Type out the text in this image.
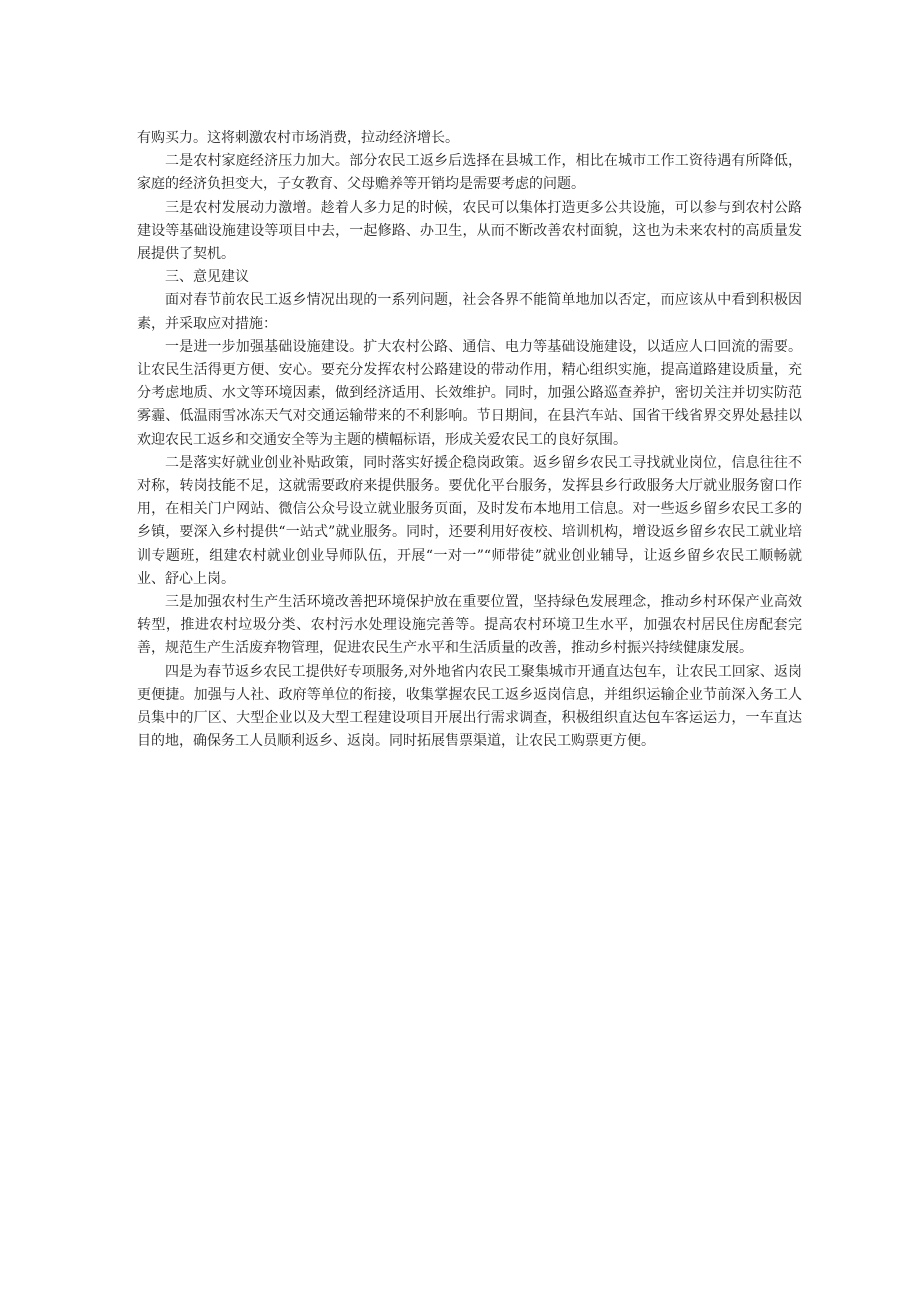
有购买力。这将刺激农村市场消费，拉动经济增长。

二是农村家庭经济压力加大。部分农民工返乡后选择在县城工作，相比在城市工作工资待遇有所降低，家庭的经济负担变大，子女教育、父母赡养等开销均是需要考虑的问题。

三是农村发展动力激增。趁着人多力足的时候，农民可以集体打造更多公共设施，可以参与到农村公路建设等基础设施建设等项目中去，一起修路、办卫生，从而不断改善农村面貌，这也为未来农村的高质量发展提供了契机。

三、意见建议

面对春节前农民工返乡情况出现的一系列问题，社会各界不能简单地加以否定，而应该从中看到积极因素，并采取应对措施：

一是进一步加强基础设施建设。扩大农村公路、通信、电力等基础设施建设，以适应人口回流的需要。让农民生活得更方便、安心。要充分发挥农村公路建设的带动作用，精心组织实施，提高道路建设质量，充分考虑地质、水文等环境因素，做到经济适用、长效维护。同时，加强公路巡查养护，密切关注并切实防范雾霾、低温雨雪冰冻天气对交通运输带来的不利影响。节日期间，在县汽车站、国省干线省界交界处悬挂以欢迎农民工返乡和交通安全等为主题的横幅标语，形成关爱农民工的良好氛围。

二是落实好就业创业补贴政策，同时落实好援企稳岗政策。返乡留乡农民工寻找就业岗位，信息往往不对称，转岗技能不足，这就需要政府来提供服务。要优化平台服务，发挥县乡行政服务大厅就业服务窗口作用，在相关门户网站、微信公众号设立就业服务页面，及时发布本地用工信息。对一些返乡留乡农民工多的乡镇，要深入乡村提供“一站式”就业服务。同时，还要利用好夜校、培训机构，增设返乡留乡农民工就业培训专题班，组建农村就业创业导师队伍，开展“一对一”“师带徒”就业创业辅导，让返乡留乡农民工顺畅就业、舒心上岗。

三是加强农村生产生活环境改善把环境保护放在重要位置，坚持绿色发展理念，推动乡村环保产业高效转型，推进农村垃圾分类、农村污水处理设施完善等。提高农村环境卫生水平，加强农村居民住房配套完善，规范生产生活废弃物管理，促进农民生产水平和生活质量的改善，推动乡村振兴持续健康发展。

四是为春节返乡农民工提供好专项服务,对外地省内农民工聚集城市开通直达包车，让农民工回家、返岗更便捷。加强与人社、政府等单位的衔接，收集掌握农民工返乡返岗信息，并组织运输企业节前深入务工人员集中的厂区、大型企业以及大型工程建设项目开展出行需求调查，积极组织直达包车客运运力，一车直达目的地，确保务工人员顺利返乡、返岗。同时拓展售票渠道，让农民工购票更方便。
